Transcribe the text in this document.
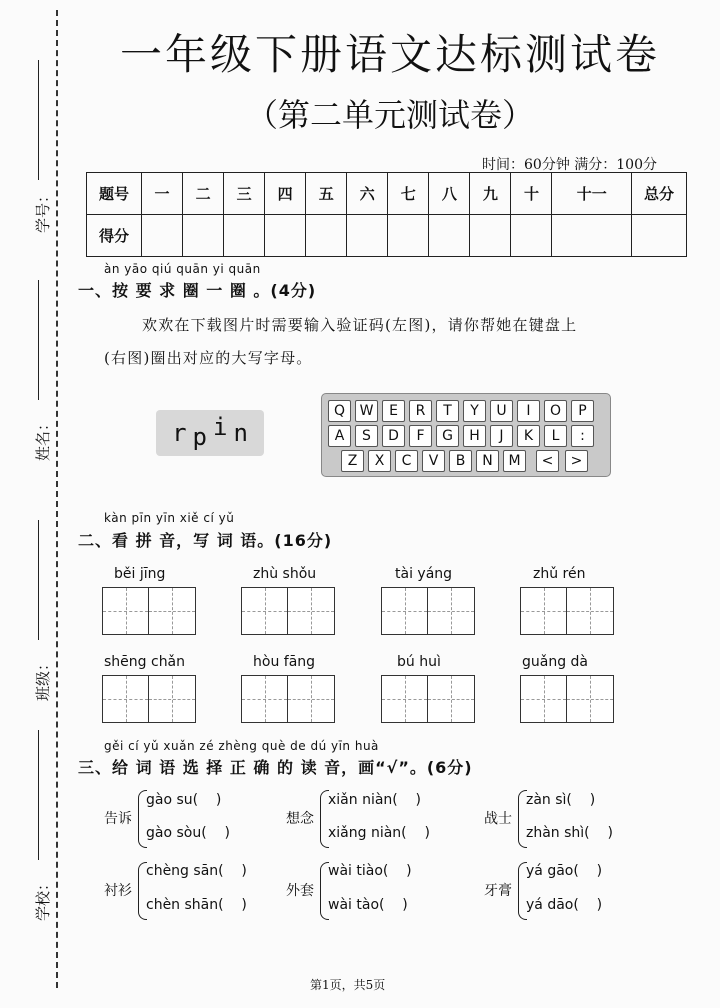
学号：
姓名：
班级：
学校：
一年级下册语文达标测试卷
（第二单元测试卷）
时间：60分钟 满分：100分
题号	一	二	三	四	五	六	七	八	九	十	十一	总分
得分												
àn yāo qiú quān yi quān
一、按 要 求 圈 一 圈 。(4分)
欢欢在下载图片时需要输入验证码(左图)，请你帮她在键盘上
(右图)圈出对应的大写字母。
r p i n
Q	W	E	R	T	Y	U	I	O	P
A	S	D	F	G	H	J	K	L	:
Z	X	C	V	B	N	M	<	>
kàn pīn yīn xiě cí yǔ
二、看 拼 音，写 词 语。(16分)
běi jīng	zhù shǒu	tài yáng	zhǔ rén
shēng chǎn	hòu fāng	bú huì	guǎng dà
gěi cí yǔ xuǎn zé zhèng què de dú yīn huà
三、给 词 语 选 择 正 确 的 读 音，画“√”。(6分)
告诉
gào su(    )
gào sòu(    )
想念
xiǎn niàn(    )
xiǎng niàn(    )
战士
zàn sì(    )
zhàn shì(    )
衬衫
chèng sān(    )
chèn shān(    )
外套
wài tiào(    )
wài tào(    )
牙膏
yá gāo(    )
yá dāo(    )
第1页，共5页
